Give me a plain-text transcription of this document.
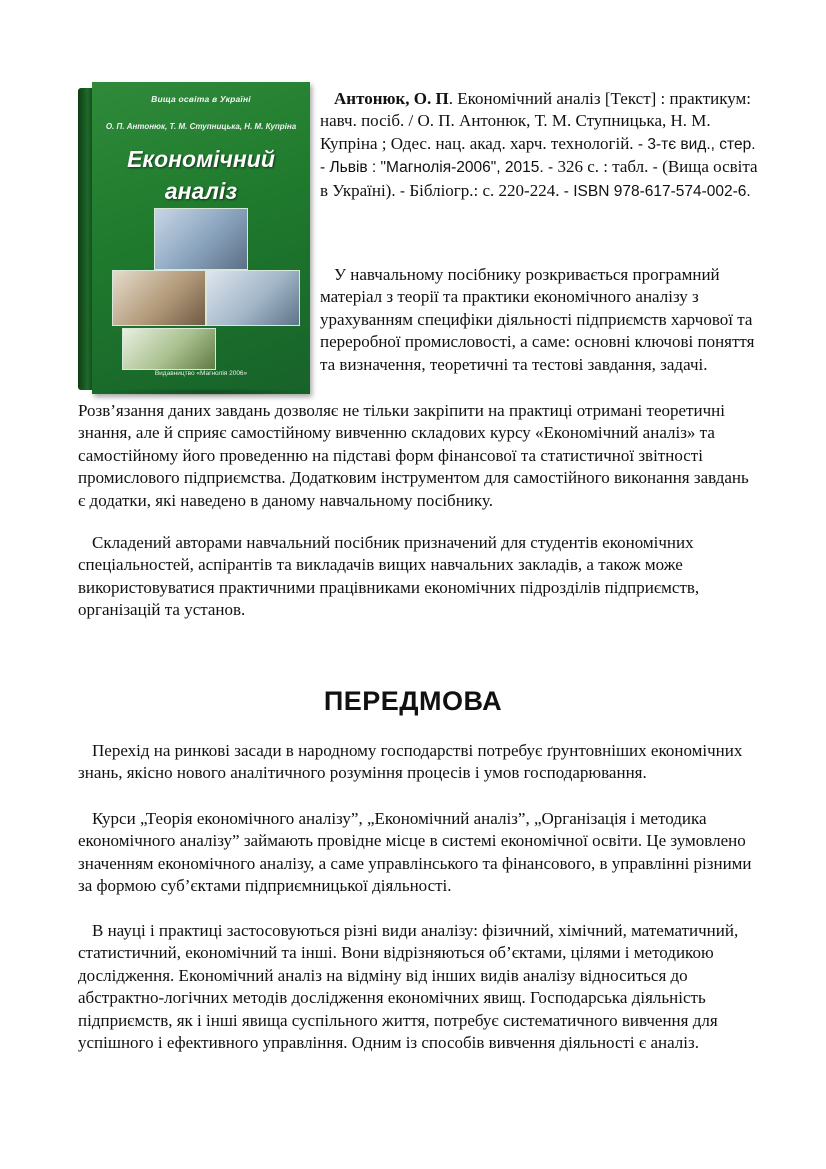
Вища освіта в Україні
О. П. Антонюк, Т. М. Ступницька, Н. М. Купріна
Економічний
аналіз
Видавництво «Магнолія 2006»

Антонюк, О. П. Економічний аналіз [Текст] : практикум: навч. посіб. / О. П. Антонюк, Т. М. Ступницька, Н. М. Купріна ; Одес. нац. акад. харч. технологій. - 3-тє вид., стер. - Львів : "Магнолія-2006", 2015. - 326 с. : табл. - (Вища освіта в Україні). - Бібліогр.: с. 220-224. - ISBN 978-617-574-002-6.

У навчальному посібнику розкривається програмний матеріал з теорії та практики економічного аналізу з урахуванням специфіки діяльності підприємств харчової та переробної промисловості, а саме: основні ключові поняття та визначення, теоретичні та тестові завдання, задачі.

Розв’язання даних завдань дозволяє не тільки закріпити на практиці отримані теоретичні знання, але й сприяє самостійному вивченню складових курсу «Економічний аналіз» та самостійному його проведенню на підставі форм фінансової та статистичної звітності промислового підприємства. Додатковим інструментом для самостійного виконання завдань є додатки, які наведено в даному навчальному посібнику.

Складений авторами навчальний посібник призначений для студентів економічних спеціальностей, аспірантів та викладачів вищих навчальних закладів, а також може використовуватися практичними працівниками економічних підрозділів підприємств, організацій та установ.

ПЕРЕДМОВА

Перехід на ринкові засади в народному господарстві потребує ґрунтовніших економічних знань, якісно нового аналітичного розуміння процесів і умов господарювання.

Курси „Теорія економічного аналізу”, „Економічний аналіз”, „Організація і методика економічного аналізу” займають провідне місце в системі економічної освіти. Це зумовлено значенням економічного аналізу, а саме управлінського та фінансового, в управлінні різними за формою суб’єктами підприємницької діяльності.

В науці і практиці застосовуються різні види аналізу: фізичний, хімічний, математичний, статистичний, економічний та інші. Вони відрізняються об’єктами, цілями і методикою дослідження. Економічний аналіз на відміну від інших видів аналізу відноситься до абстрактно-логічних методів дослідження економічних явищ. Господарська діяльність підприємств, як і інші явища суспільного життя, потребує систематичного вивчення для успішного і ефективного управління. Одним із способів вивчення діяльності є аналіз.
